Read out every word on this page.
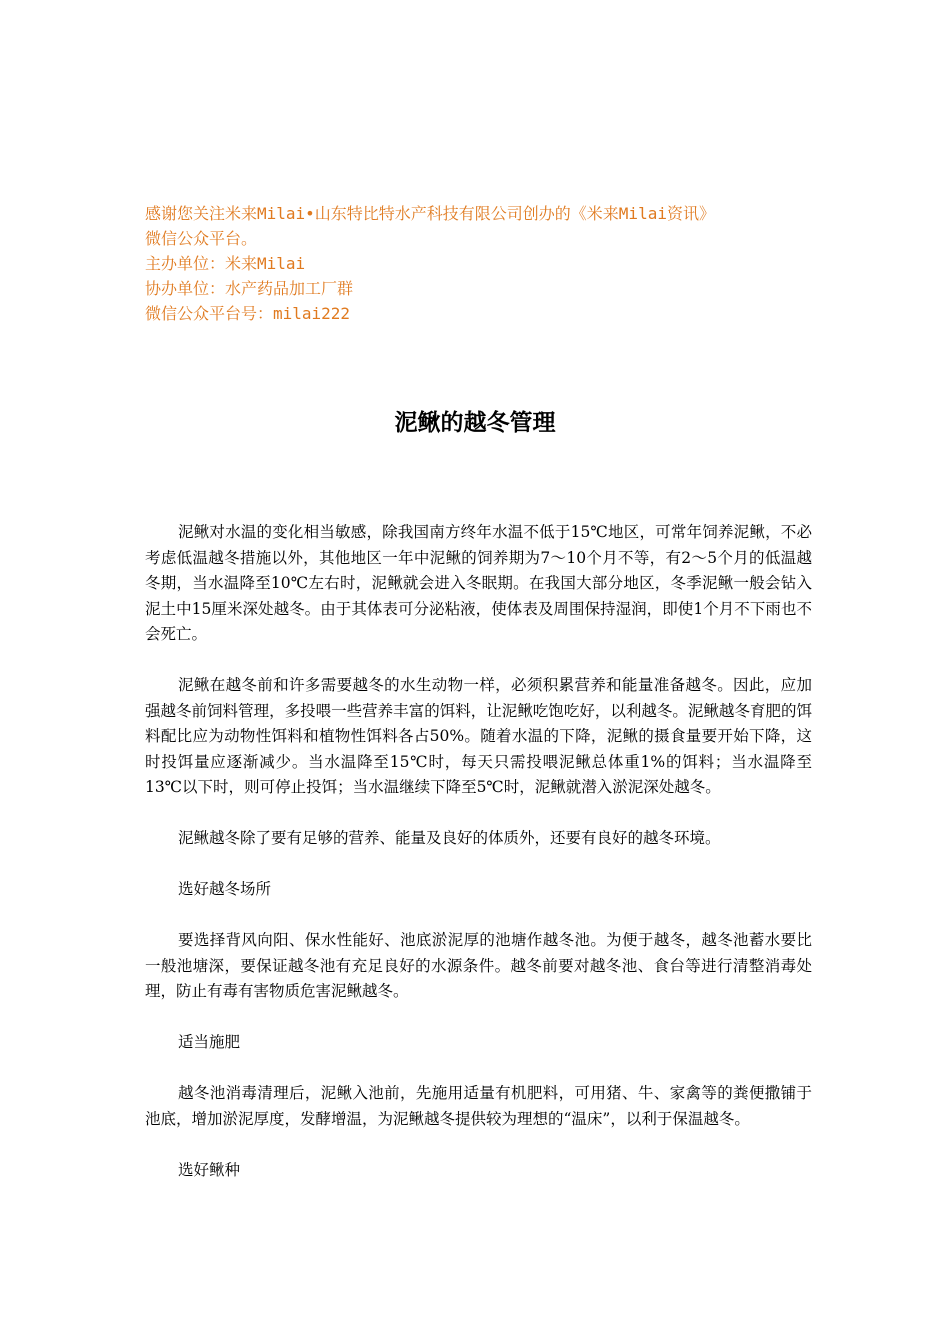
感谢您关注米来Milai•山东特比特水产科技有限公司创办的《米来Milai资讯》
微信公众平台。
主办单位：米来Milai
协办单位：水产药品加工厂群
微信公众平台号：milai222
泥鳅的越冬管理

泥鳅对水温的变化相当敏感，除我国南方终年水温不低于15℃地区，可常年饲养泥鳅，不必考虑低温越冬措施以外，其他地区一年中泥鳅的饲养期为7～10个月不等，有2～5个月的低温越冬期，当水温降至10℃左右时，泥鳅就会进入冬眠期。在我国大部分地区，冬季泥鳅一般会钻入泥土中15厘米深处越冬。由于其体表可分泌粘液，使体表及周围保持湿润，即使1个月不下雨也不会死亡。

泥鳅在越冬前和许多需要越冬的水生动物一样，必须积累营养和能量准备越冬。因此，应加强越冬前饲料管理，多投喂一些营养丰富的饵料，让泥鳅吃饱吃好，以利越冬。泥鳅越冬育肥的饵料配比应为动物性饵料和植物性饵料各占50%。随着水温的下降，泥鳅的摄食量要开始下降，这时投饵量应逐渐减少。当水温降至15℃时，每天只需投喂泥鳅总体重1%的饵料；当水温降至13℃以下时，则可停止投饵；当水温继续下降至5℃时，泥鳅就潜入淤泥深处越冬。

泥鳅越冬除了要有足够的营养、能量及良好的体质外，还要有良好的越冬环境。

选好越冬场所

要选择背风向阳、保水性能好、池底淤泥厚的池塘作越冬池。为便于越冬，越冬池蓄水要比一般池塘深，要保证越冬池有充足良好的水源条件。越冬前要对越冬池、食台等进行清整消毒处理，防止有毒有害物质危害泥鳅越冬。

适当施肥

越冬池消毒清理后，泥鳅入池前，先施用适量有机肥料，可用猪、牛、家禽等的粪便撒铺于池底，增加淤泥厚度，发酵增温，为泥鳅越冬提供较为理想的“温床”，以利于保温越冬。

选好鳅种
